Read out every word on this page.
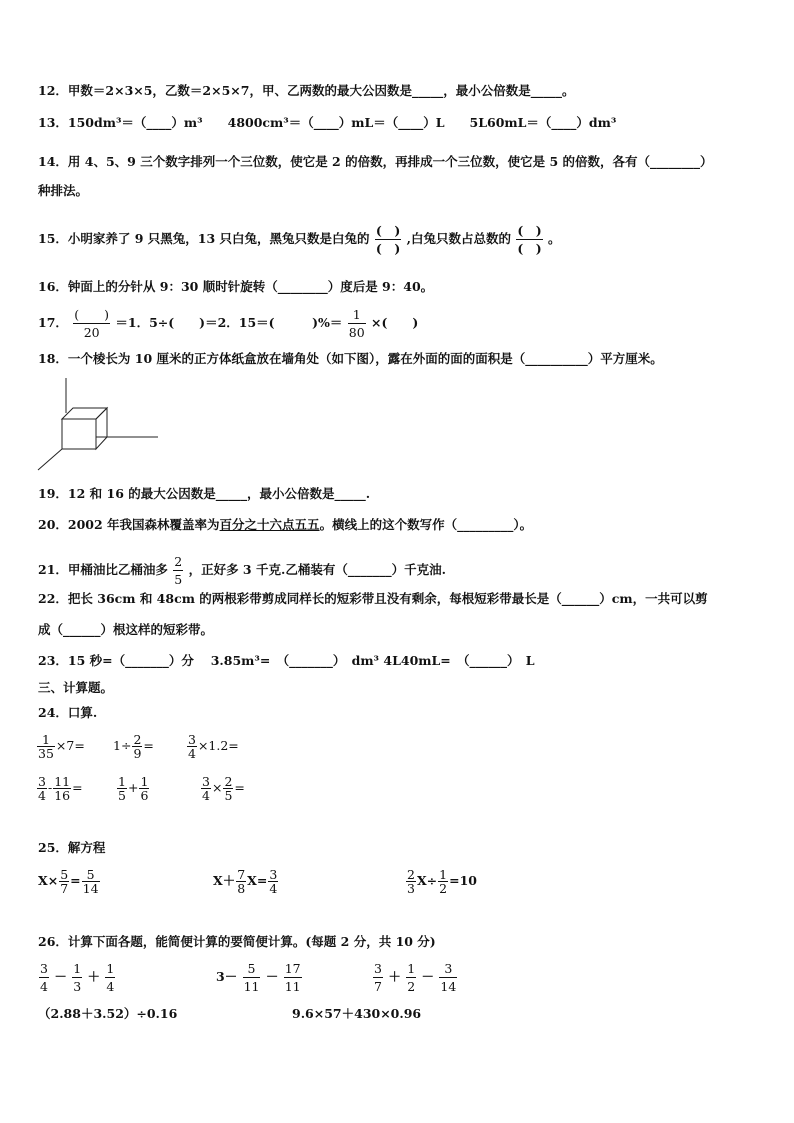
12．甲数＝2×3×5，乙数＝2×5×7，甲、乙两数的最大公因数是_____，最小公倍数是_____。
13．150dm³＝（____）m³　　4800cm³＝（____）mL＝（____）L　　5L60mL＝（____）dm³
14．用 4、5、9 三个数字排列一个三位数，使它是 2 的倍数，再排成一个三位数，使它是 5 的倍数，各有（________）
种排法。
15．小明家养了 9 只黑兔，13 只白兔，黑兔只数是白兔的 $\frac{( )}{( )}$ ,白兔只数占总数的 $\frac{( )}{( )}$ 。
16．钟面上的分针从 9：30 顺时针旋转（________）度后是 9：40。
17． $\frac{( )}{20} =1$．5÷(　　)＝2．15＝(　　　)%＝ $\frac{1}{80}$ ×(　　)
18．一个棱长为 10 厘米的正方体纸盒放在墙角处（如下图），露在外面的面的面积是（__________）平方厘米。
19．12 和 16 的最大公因数是_____，最小公倍数是_____.
20．2002 年我国森林覆盖率为百分之十六点五五。横线上的这个数写作（_________）。
21．甲桶油比乙桶油多 $\frac{2}{5}$ ，正好多 3 千克.乙桶装有（_______）千克油.
22．把长 36cm 和 48cm 的两根彩带剪成同样长的短彩带且没有剩余，每根短彩带最长是（______）cm，一共可以剪
成（______）根这样的短彩带。
23．15 秒=（_______）分　 3.85m³=　（_______）　dm³ 4L40mL=　（______）　L
三、计算题。
24．口算.
$\frac{1}{35} \times 7= 1\div \frac{2}{9}$ =	$\frac{3}{4} \times 1.2=$
$\frac{3}{4} - \frac{11}{16}$ =	$\frac{1}{5} + \frac{1}{6}$	$\frac{3}{4} \times \frac{2}{5}$ =
25．解方程
$X\times \frac{5}{7} = \frac{5}{14}$	$X+ \frac{7}{8} X= \frac{3}{4}$	$\frac{2}{3} X\div \frac{1}{2} =10$
26．计算下面各题，能简便计算的要简便计算。(每题 2 分，共 10 分)
$\frac{3}{4} - \frac{1}{3} + \frac{1}{4}$	$3- \frac{5}{11} - \frac{17}{11}$	$\frac{3}{7} + \frac{1}{2} - \frac{3}{14}$
（2.88＋3.52）÷0.16	9.6×57＋430×0.96
